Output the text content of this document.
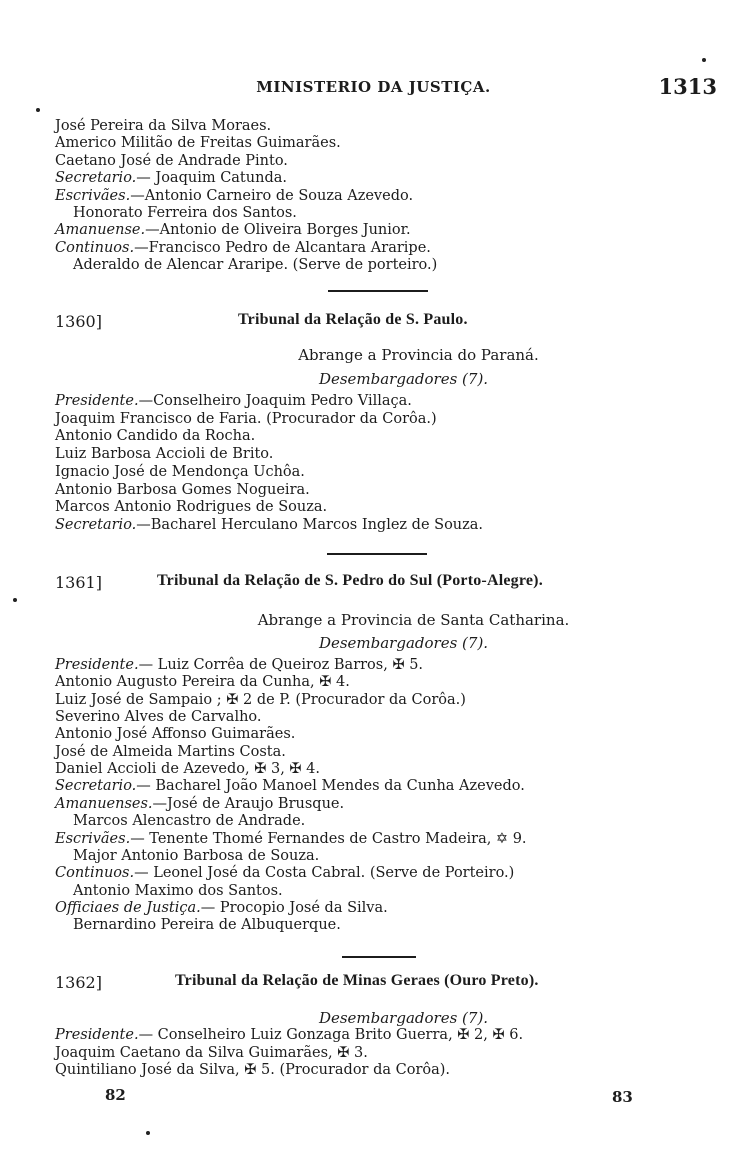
MINISTERIO DA JUSTIÇA.	1313
José Pereira da Silva Moraes.
Americo Militão de Freitas Guimarães.
Caetano José de Andrade Pinto.
Secretario.— Joaquim Catunda.
Escrivães.—Antonio Carneiro de Souza Azevedo.
Honorato Ferreira dos Santos.
Amanuense.—Antonio de Oliveira Borges Junior.
Continuos.—Francisco Pedro de Alcantara Araripe.
Aderaldo de Alencar Araripe. (Serve de porteiro.)
1360]	Tribunal da Relação de S. Paulo.
Abrange a Provincia do Paraná.
Desembargadores (7).
Presidente.—Conselheiro Joaquim Pedro Villaça.
Joaquim Francisco de Faria. (Procurador da Corôa.)
Antonio Candido da Rocha.
Luiz Barbosa Accioli de Brito.
Ignacio José de Mendonça Uchôa.
Antonio Barbosa Gomes Nogueira.
Marcos Antonio Rodrigues de Souza.
Secretario.—Bacharel Herculano Marcos Inglez de Souza.
1361]	Tribunal da Relação de S. Pedro do Sul (Porto-Alegre).
Abrange a Provincia de Santa Catharina.
Desembargadores (7).
Presidente.— Luiz Corrêa de Queiroz Barros, ✠ 5.
Antonio Augusto Pereira da Cunha, ✠ 4.
Luiz José de Sampaio ; ✠ 2 de P. (Procurador da Corôa.)
Severino Alves de Carvalho.
Antonio José Affonso Guimarães.
José de Almeida Martins Costa.
Daniel Accioli de Azevedo, ✠ 3, ✠ 4.
Secretario.— Bacharel João Manoel Mendes da Cunha Azevedo.
Amanuenses.—José de Araujo Brusque.
Marcos Alencastro de Andrade.
Escrivães.— Tenente Thomé Fernandes de Castro Madeira, ✡ 9.
Major Antonio Barbosa de Souza.
Continuos.— Leonel José da Costa Cabral. (Serve de Porteiro.)
Antonio Maximo dos Santos.
Officiaes de Justiça.— Procopio José da Silva.
Bernardino Pereira de Albuquerque.
1362]	Tribunal da Relação de Minas Geraes (Ouro Preto).
Desembargadores (7).
Presidente.— Conselheiro Luiz Gonzaga Brito Guerra, ✠ 2, ✠ 6.
Joaquim Caetano da Silva Guimarães, ✠ 3.
Quintiliano José da Silva, ✠ 5. (Procurador da Corôa).
82	83
